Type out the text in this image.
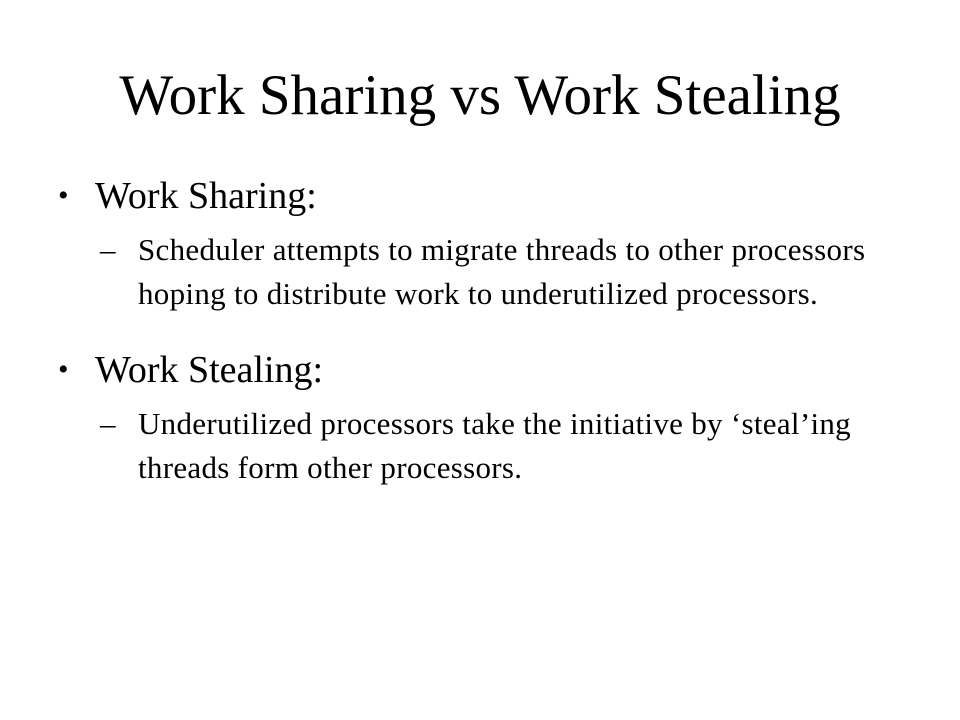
Work Sharing vs Work Stealing
• Work Sharing:
– Scheduler attempts to migrate threads to other processors hoping to distribute work to underutilized processors.
• Work Stealing:
– Underutilized processors take the initiative by ‘steal’ing threads form other processors.
